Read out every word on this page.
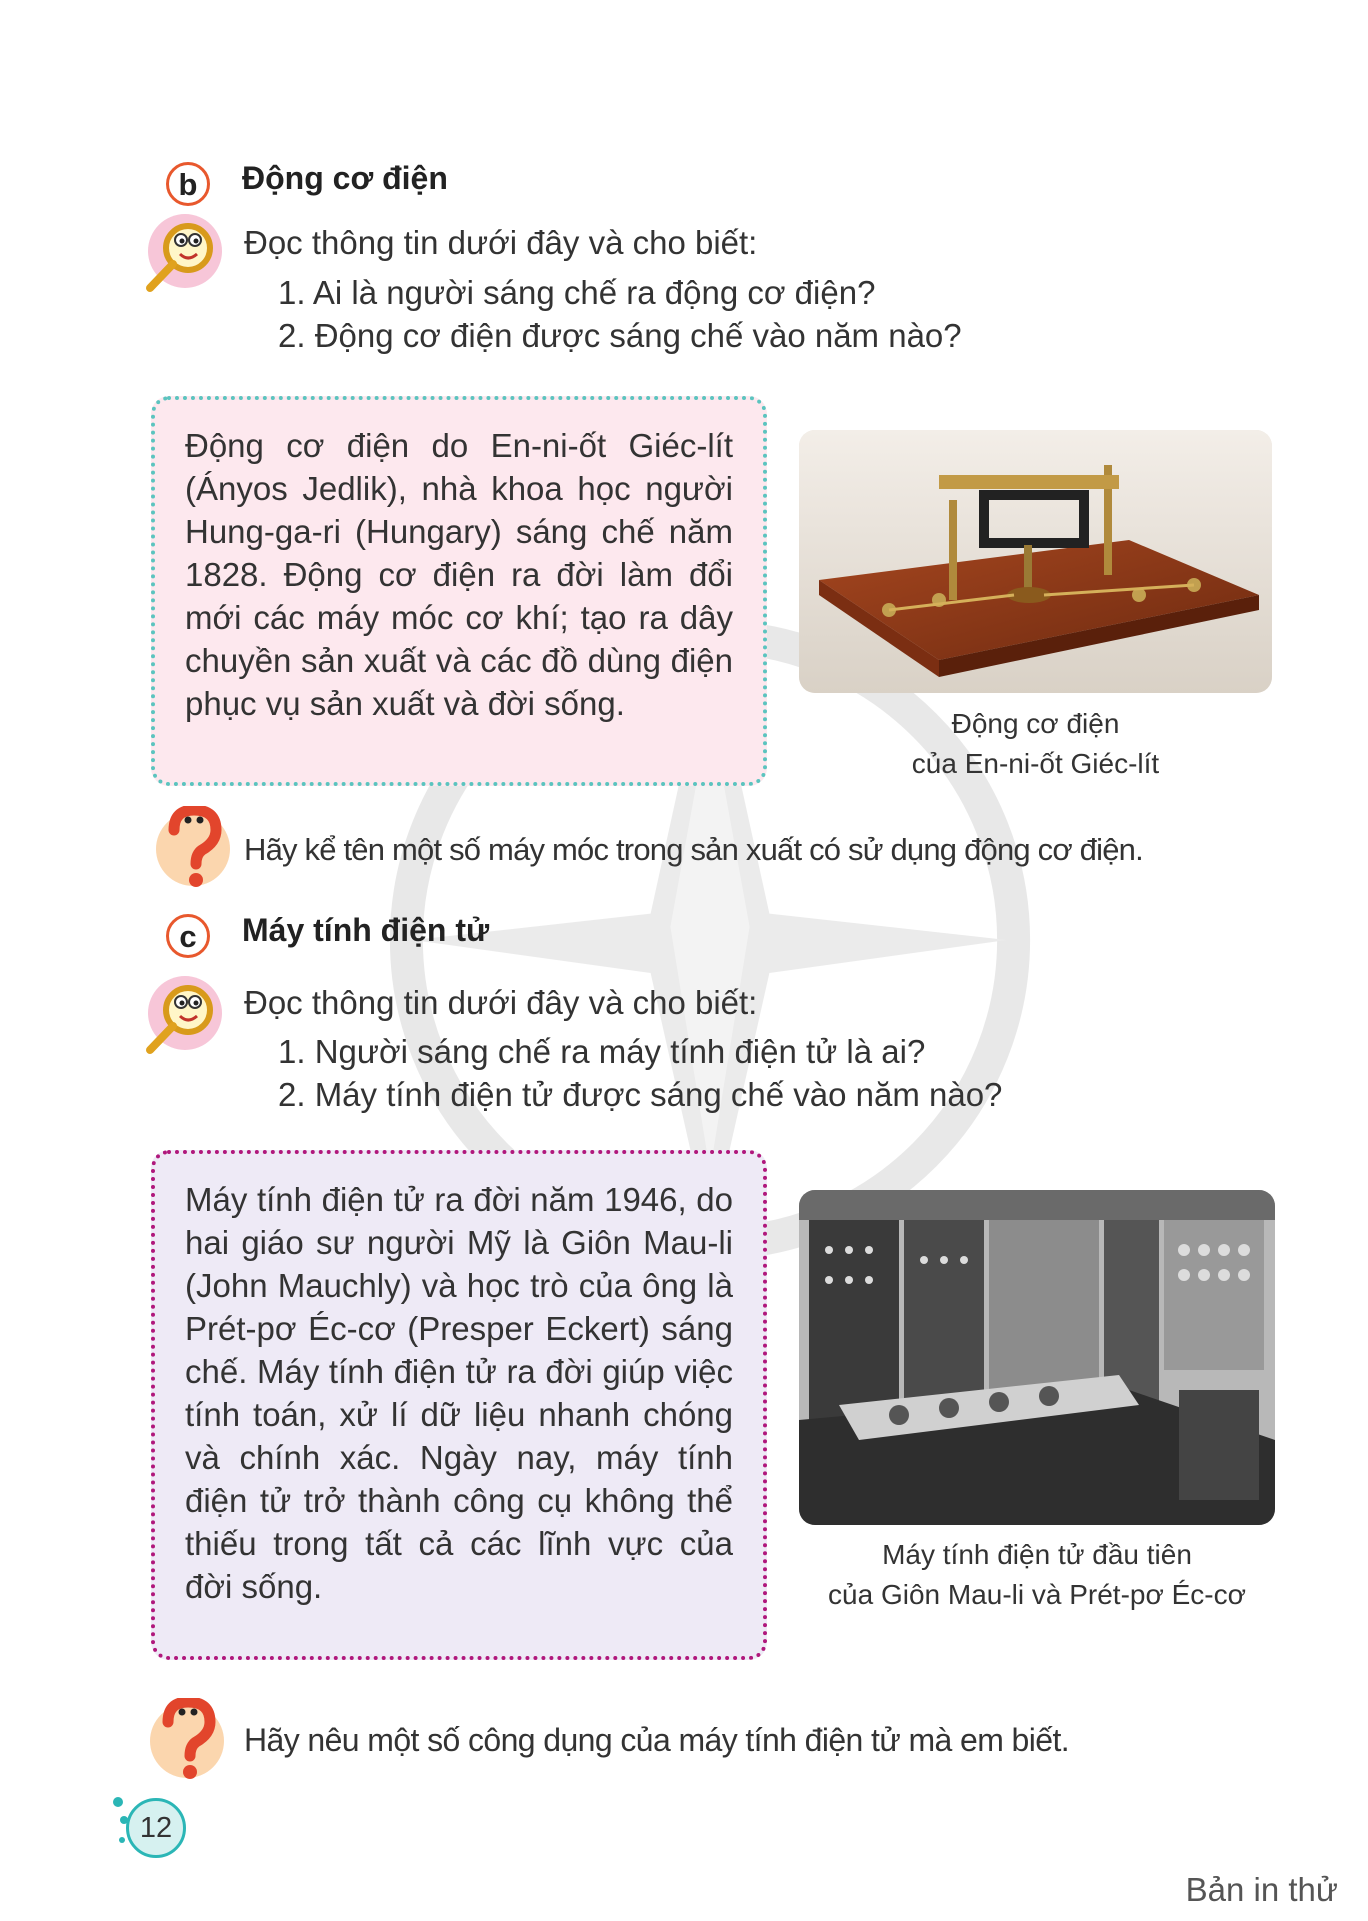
b Động cơ điện
Đọc thông tin dưới đây và cho biết:
1. Ai là người sáng chế ra động cơ điện?
2. Động cơ điện được sáng chế vào năm nào?

Động cơ điện do En-ni-ốt Giéc-lít (Ányos Jedlik), nhà khoa học người Hung-ga-ri (Hungary) sáng chế năm 1828. Động cơ điện ra đời làm đổi mới các máy móc cơ khí; tạo ra dây chuyền sản xuất và các đồ dùng điện phục vụ sản xuất và đời sống.

Động cơ điện
của En-ni-ốt Giéc-lít
Hãy kể tên một số máy móc trong sản xuất có sử dụng động cơ điện.
c Máy tính điện tử
Đọc thông tin dưới đây và cho biết:
1. Người sáng chế ra máy tính điện tử là ai?
2. Máy tính điện tử được sáng chế vào năm nào?

Máy tính điện tử ra đời năm 1946, do hai giáo sư người Mỹ là Giôn Mau-li (John Mauchly) và học trò của ông là Prét-pơ Éc-cơ (Presper Eckert) sáng chế. Máy tính điện tử ra đời giúp việc tính toán, xử lí dữ liệu nhanh chóng và chính xác. Ngày nay, máy tính điện tử trở thành công cụ không thể thiếu trong tất cả các lĩnh vực của đời sống.

Máy tính điện tử đầu tiên
của Giôn Mau-li và Prét-pơ Éc-cơ
Hãy nêu một số công dụng của máy tính điện tử mà em biết.
12
Bản in thử
